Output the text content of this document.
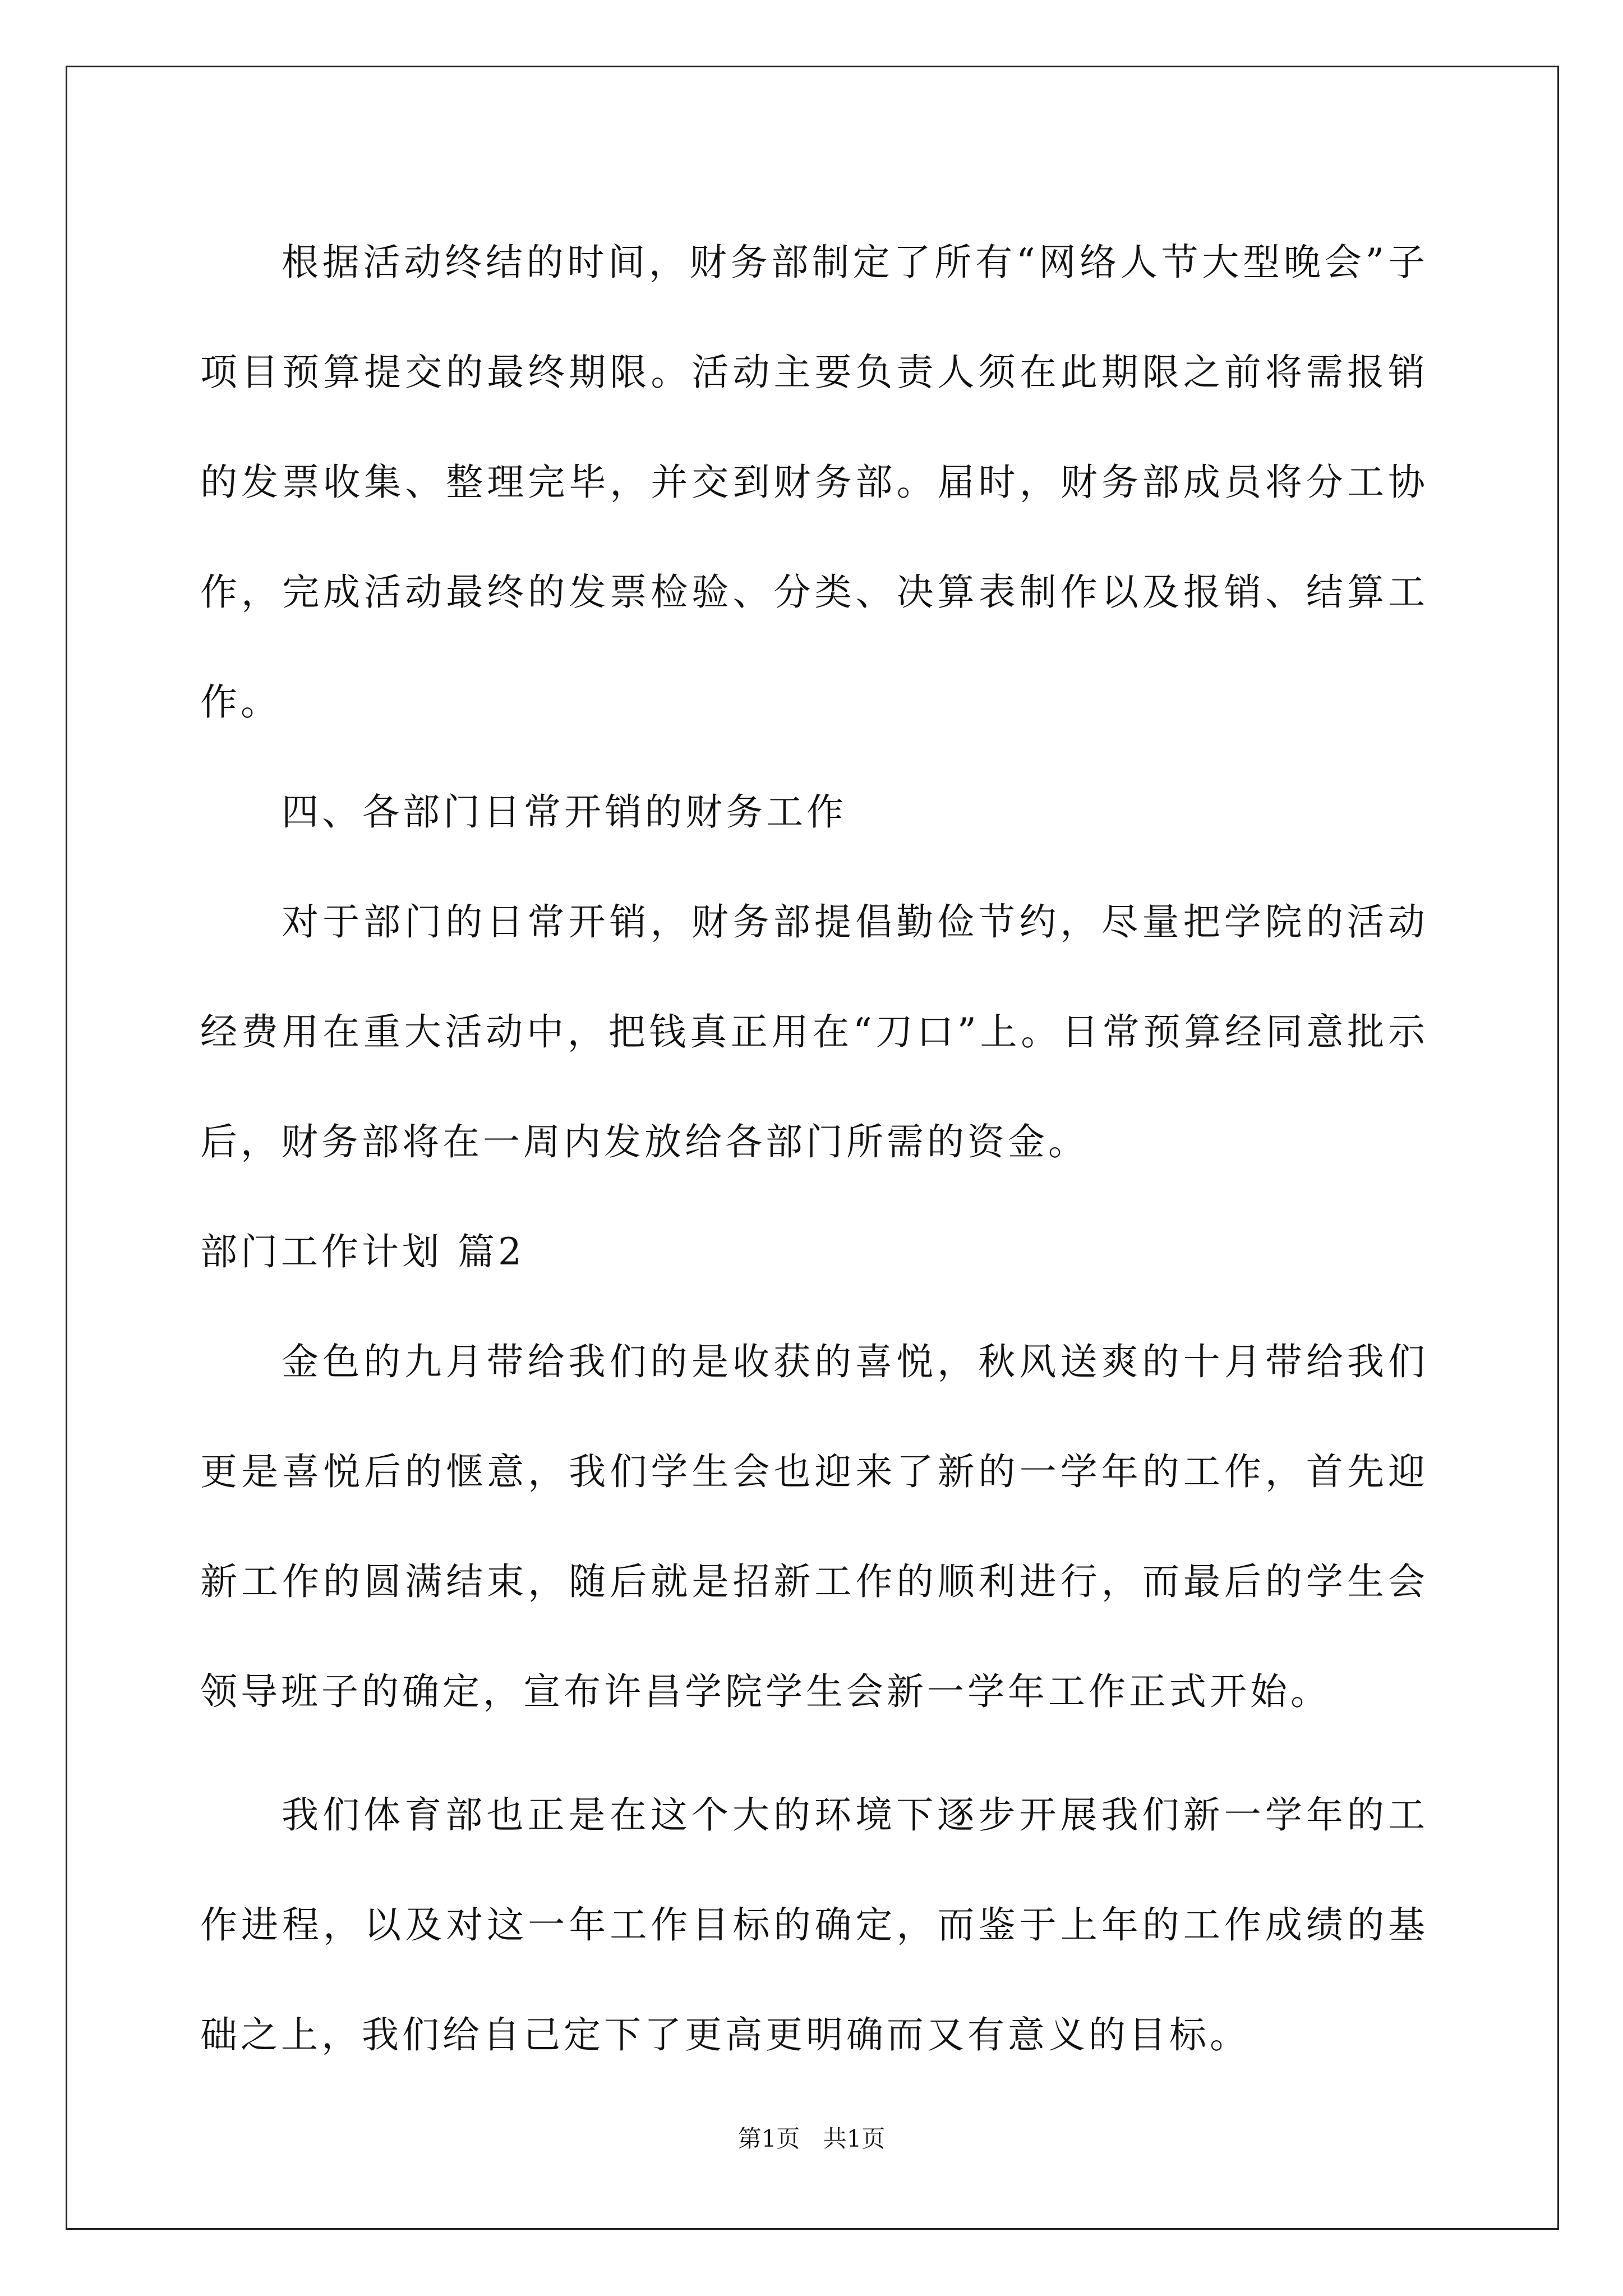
根据活动终结的时间，财务部制定了所有“网络人节大型晚会”子项目预算提交的最终期限。活动主要负责人须在此期限之前将需报销的发票收集、整理完毕，并交到财务部。届时，财务部成员将分工协作，完成活动最终的发票检验、分类、决算表制作以及报销、结算工作。

四、各部门日常开销的财务工作

对于部门的日常开销，财务部提倡勤俭节约，尽量把学院的活动经费用在重大活动中，把钱真正用在“刀口”上。日常预算经同意批示后，财务部将在一周内发放给各部门所需的资金。

部门工作计划 篇2

金色的九月带给我们的是收获的喜悦，秋风送爽的十月带给我们更是喜悦后的惬意，我们学生会也迎来了新的一学年的工作，首先迎新工作的圆满结束，随后就是招新工作的顺利进行，而最后的学生会领导班子的确定，宣布许昌学院学生会新一学年工作正式开始。

我们体育部也正是在这个大的环境下逐步开展我们新一学年的工作进程，以及对这一年工作目标的确定，而鉴于上年的工作成绩的基础之上，我们给自己定下了更高更明确而又有意义的目标。

第1页 共1页
